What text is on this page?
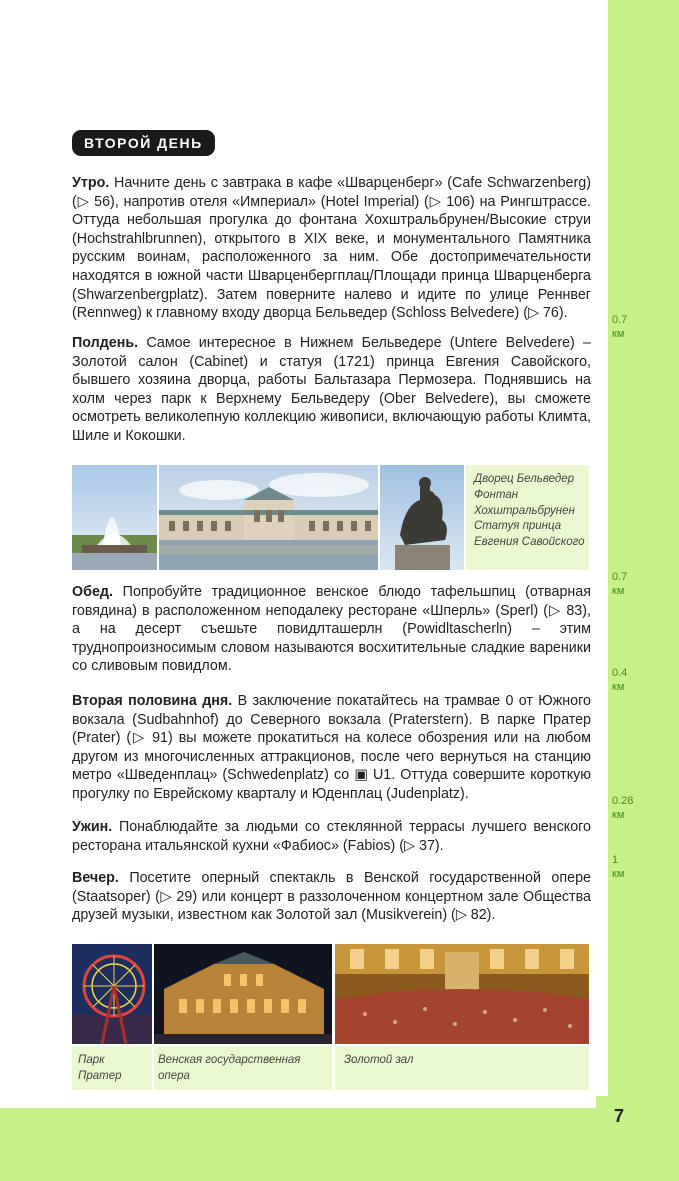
7
ВТОРОЙ ДЕНЬ

Утро. Начните день с завтрака в кафе «Шварценберг» (Cafe Schwarzenberg) (▷ 56), напротив отеля «Империал» (Hotel Imperial) (▷ 106) на Рингштрассе. Оттуда небольшая прогулка до фонтана Хохштральбрунен/Высокие струи (Hochstrahlbrunnen), открытого в XIX веке, и монументального Памятника русским воинам, расположенного за ним. Обе достопримечательности находятся в южной части Шварценбергплац/Площади принца Шварценберга (Shwarzenbergplatz). Затем поверните налево и идите по улице Реннвег (Rennweg) к главному входу дворца Бельведер (Schloss Belvedere) (▷ 76).

Полдень. Самое интересное в Нижнем Бельведере (Untere Belvedere) – Золотой салон (Cabinet) и статуя (1721) принца Евгения Савойского, бывшего хозяина дворца, работы Бальтазара Пермозера. Поднявшись на холм через парк к Верхнему Бельведеру (Ober Belvedere), вы сможете осмотреть великолепную коллекцию живописи, включающую работы Климта, Шиле и Кокошки.

Дворец Бельведер
Фонтан Хохштральбрунен
Статуя принца Евгения Савойского

Обед. Попробуйте традиционное венское блюдо тафельшпиц (отварная говядина) в расположенном неподалеку ресторане «Шперль» (Sperl) (▷ 83), а на десерт съешьте повидлташерлн (Powidltascherln) – этим труднопроизносимым словом называются восхитительные сладкие вареники со сливовым повидлом.

Вторая половина дня. В заключение покатайтесь на трамвае 0 от Южного вокзала (Sudbahnhof) до Северного вокзала (Praterstern). В парке Пратер (Prater) (▷ 91) вы можете прокатиться на колесе обозрения или на любом другом из многочисленных аттракционов, после чего вернуться на станцию метро «Шведенплац» (Schwedenplatz) со ▣ U1. Оттуда совершите короткую прогулку по Еврейскому кварталу и Юденплац (Judenplatz).

Ужин. Понаблюдайте за людьми со стеклянной террасы лучшего венского ресторана итальянской кухни «Фабиос» (Fabios) (▷ 37).

Вечер. Посетите оперный спектакль в Венской государственной опере (Staatsoper) (▷ 29) или концерт в раззолоченном концертном зале Общества друзей музыки, известном как Золотой зал (Musikverein) (▷ 82).

0.7
км
0.7
км
0.4
км
0.28
км
1
км
Парк Пратер
Венская государственная опера
Золотой зал
